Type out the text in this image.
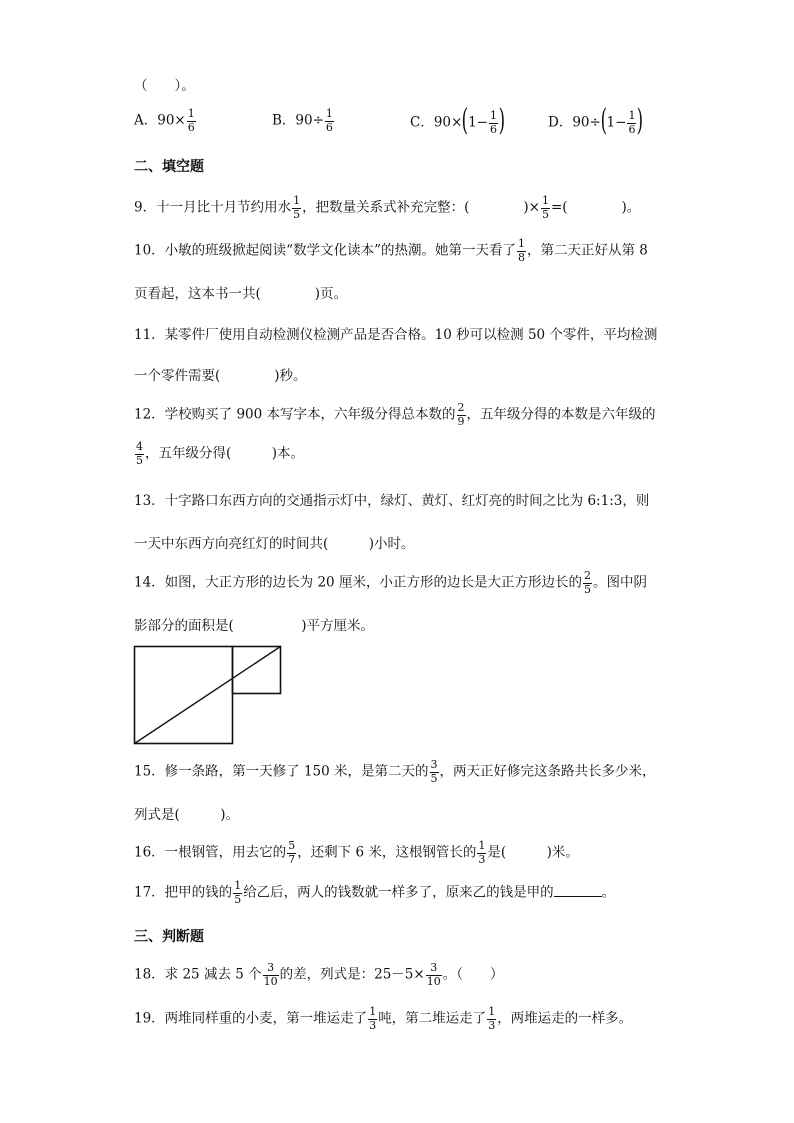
（　　）。
A．$90\times \frac{1}{6}$	B．$90\div \frac{1}{6}$	C．$90\times(1- \frac{1}{6}$ )	D．$90\div(1- \frac{1}{6}$ )
二、填空题
9．十一月比十月节约用水 $\frac{1}{5}$ ，把数量关系式补充完整：(　　　　)× $\frac{1}{5}$ =(　　　　)。
10．小敏的班级掀起阅读“数学文化读本”的热潮。她第一天看了 $\frac{1}{8}$ ，第二天正好从第 8
页看起，这本书一共(　　　　)页。
11．某零件厂使用自动检测仪检测产品是否合格。10 秒可以检测 50 个零件，平均检测
一个零件需要(　　　　)秒。
12．学校购买了 900 本写字本，六年级分得总本数的 $\frac{2}{9}$ ，五年级分得的本数是六年级的
$\frac{4}{5}$ ，五年级分得(　　　)本。
13．十字路口东西方向的交通指示灯中，绿灯、黄灯、红灯亮的时间之比为 6:1:3，则
一天中东西方向亮红灯的时间共(　　　)小时。
14．如图，大正方形的边长为 20 厘米，小正方形的边长是大正方形边长的 $\frac{2}{5}$ 。图中阴
影部分的面积是(　　　　　)平方厘米。
15．修一条路，第一天修了 150 米，是第二天的 $\frac{3}{5}$ ，两天正好修完这条路共长多少米，
列式是(　　　)。
16．一根钢管，用去它的 $\frac{5}{7}$ ，还剩下 6 米，这根钢管长的 $\frac{1}{3}$ 是(　　　)米。
17．把甲的钱的 $\frac{1}{5}$ 给乙后，两人的钱数就一样多了，原来乙的钱是甲的	。
三、判断题
18．求 25 减去 5 个 $\frac{3}{10}$ 的差，列式是：$25-5\times \frac{3}{10}$ 。（　　）
19．两堆同样重的小麦，第一堆运走了 $\frac{1}{3}$ 吨，第二堆运走了 $\frac{1}{3}$ ，两堆运走的一样多。
